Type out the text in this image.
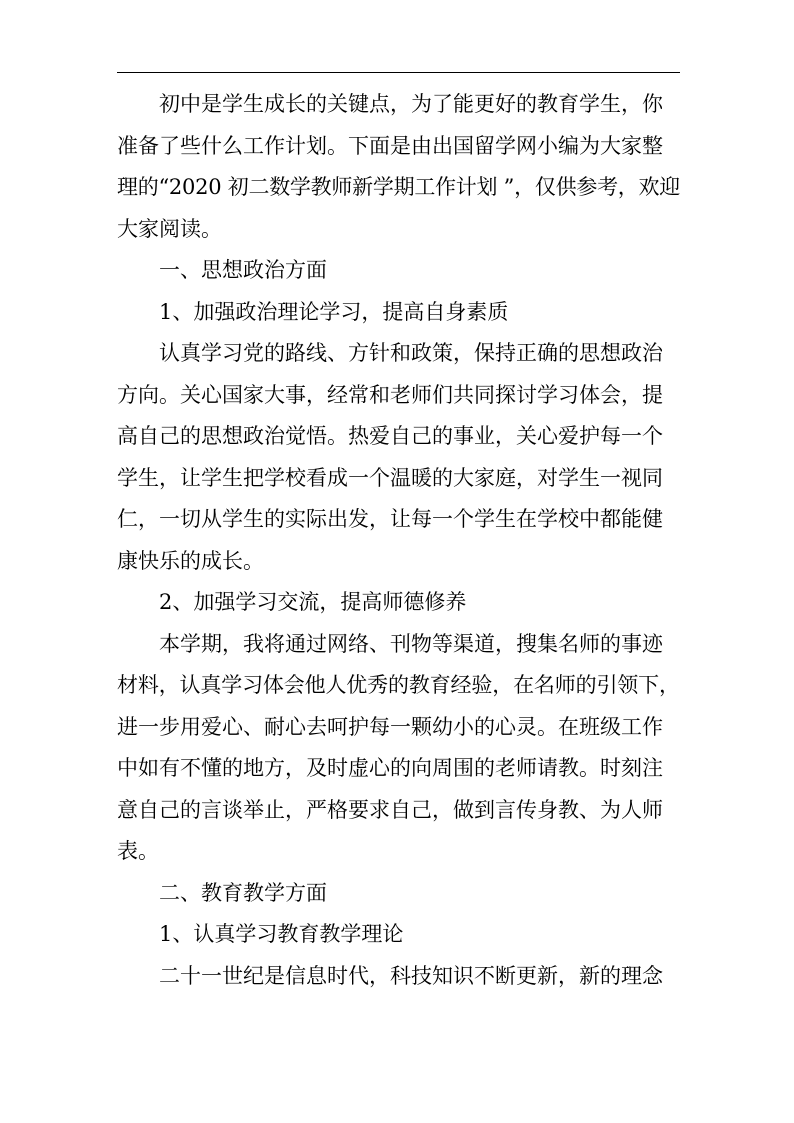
初中是学生成长的关键点，为了能更好的教育学生，你
准备了些什么工作计划。下面是由出国留学网小编为大家整
理的“2020 初二数学教师新学期工作计划 ”，仅供参考，欢迎
大家阅读。
一、思想政治方面
1、加强政治理论学习，提高自身素质
认真学习党的路线、方针和政策，保持正确的思想政治
方向。关心国家大事，经常和老师们共同探讨学习体会，提
高自己的思想政治觉悟。热爱自己的事业，关心爱护每一个
学生，让学生把学校看成一个温暖的大家庭，对学生一视同
仁，一切从学生的实际出发，让每一个学生在学校中都能健
康快乐的成长。
2、加强学习交流，提高师德修养
本学期，我将通过网络、刊物等渠道，搜集名师的事迹
材料，认真学习体会他人优秀的教育经验，在名师的引领下，
进一步用爱心、耐心去呵护每一颗幼小的心灵。在班级工作
中如有不懂的地方，及时虚心的向周围的老师请教。时刻注
意自己的言谈举止，严格要求自己，做到言传身教、为人师
表。
二、教育教学方面
1、认真学习教育教学理论
二十一世纪是信息时代，科技知识不断更新，新的理念
